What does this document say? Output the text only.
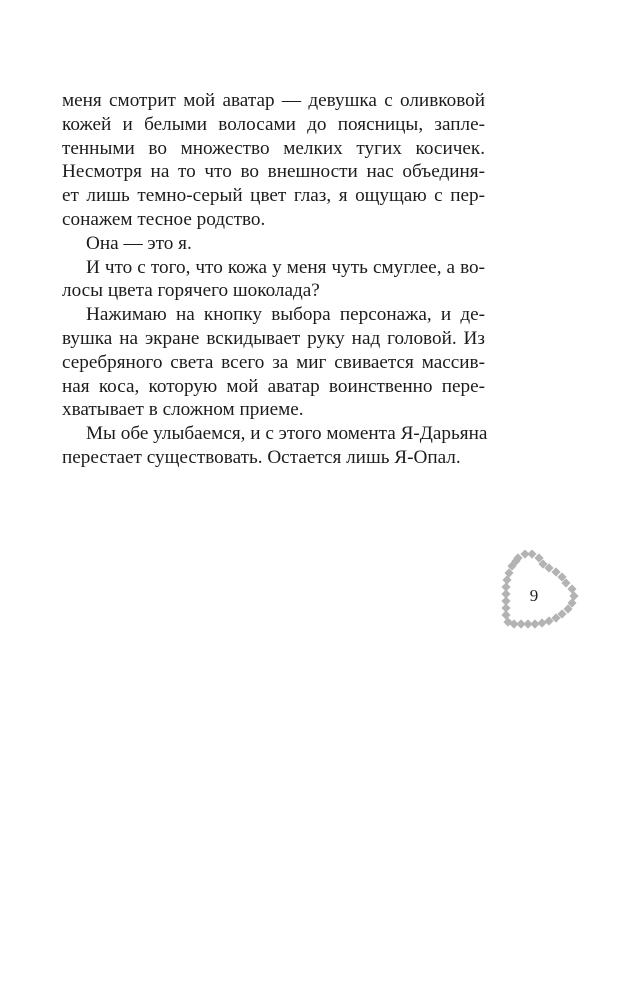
меня смотрит мой аватар — девушка с оливковой
кожей и белыми волосами до поясницы, запле-
тенными во множество мелких тугих косичек.
Несмотря на то что во внешности нас объединя-
ет лишь темно-серый цвет глаз, я ощущаю с пер-
сонажем тесное родство.
Она — это я.
И что с того, что кожа у меня чуть смуглее, а во-
лосы цвета горячего шоколада?
Нажимаю на кнопку выбора персонажа, и де-
вушка на экране вскидывает руку над головой. Из
серебряного света всего за миг свивается массив-
ная коса, которую мой аватар воинственно пере-
хватывает в сложном приеме.
Мы обе улыбаемся, и с этого момента Я-Дарьяна
перестает существовать. Остается лишь Я-Опал.
9
